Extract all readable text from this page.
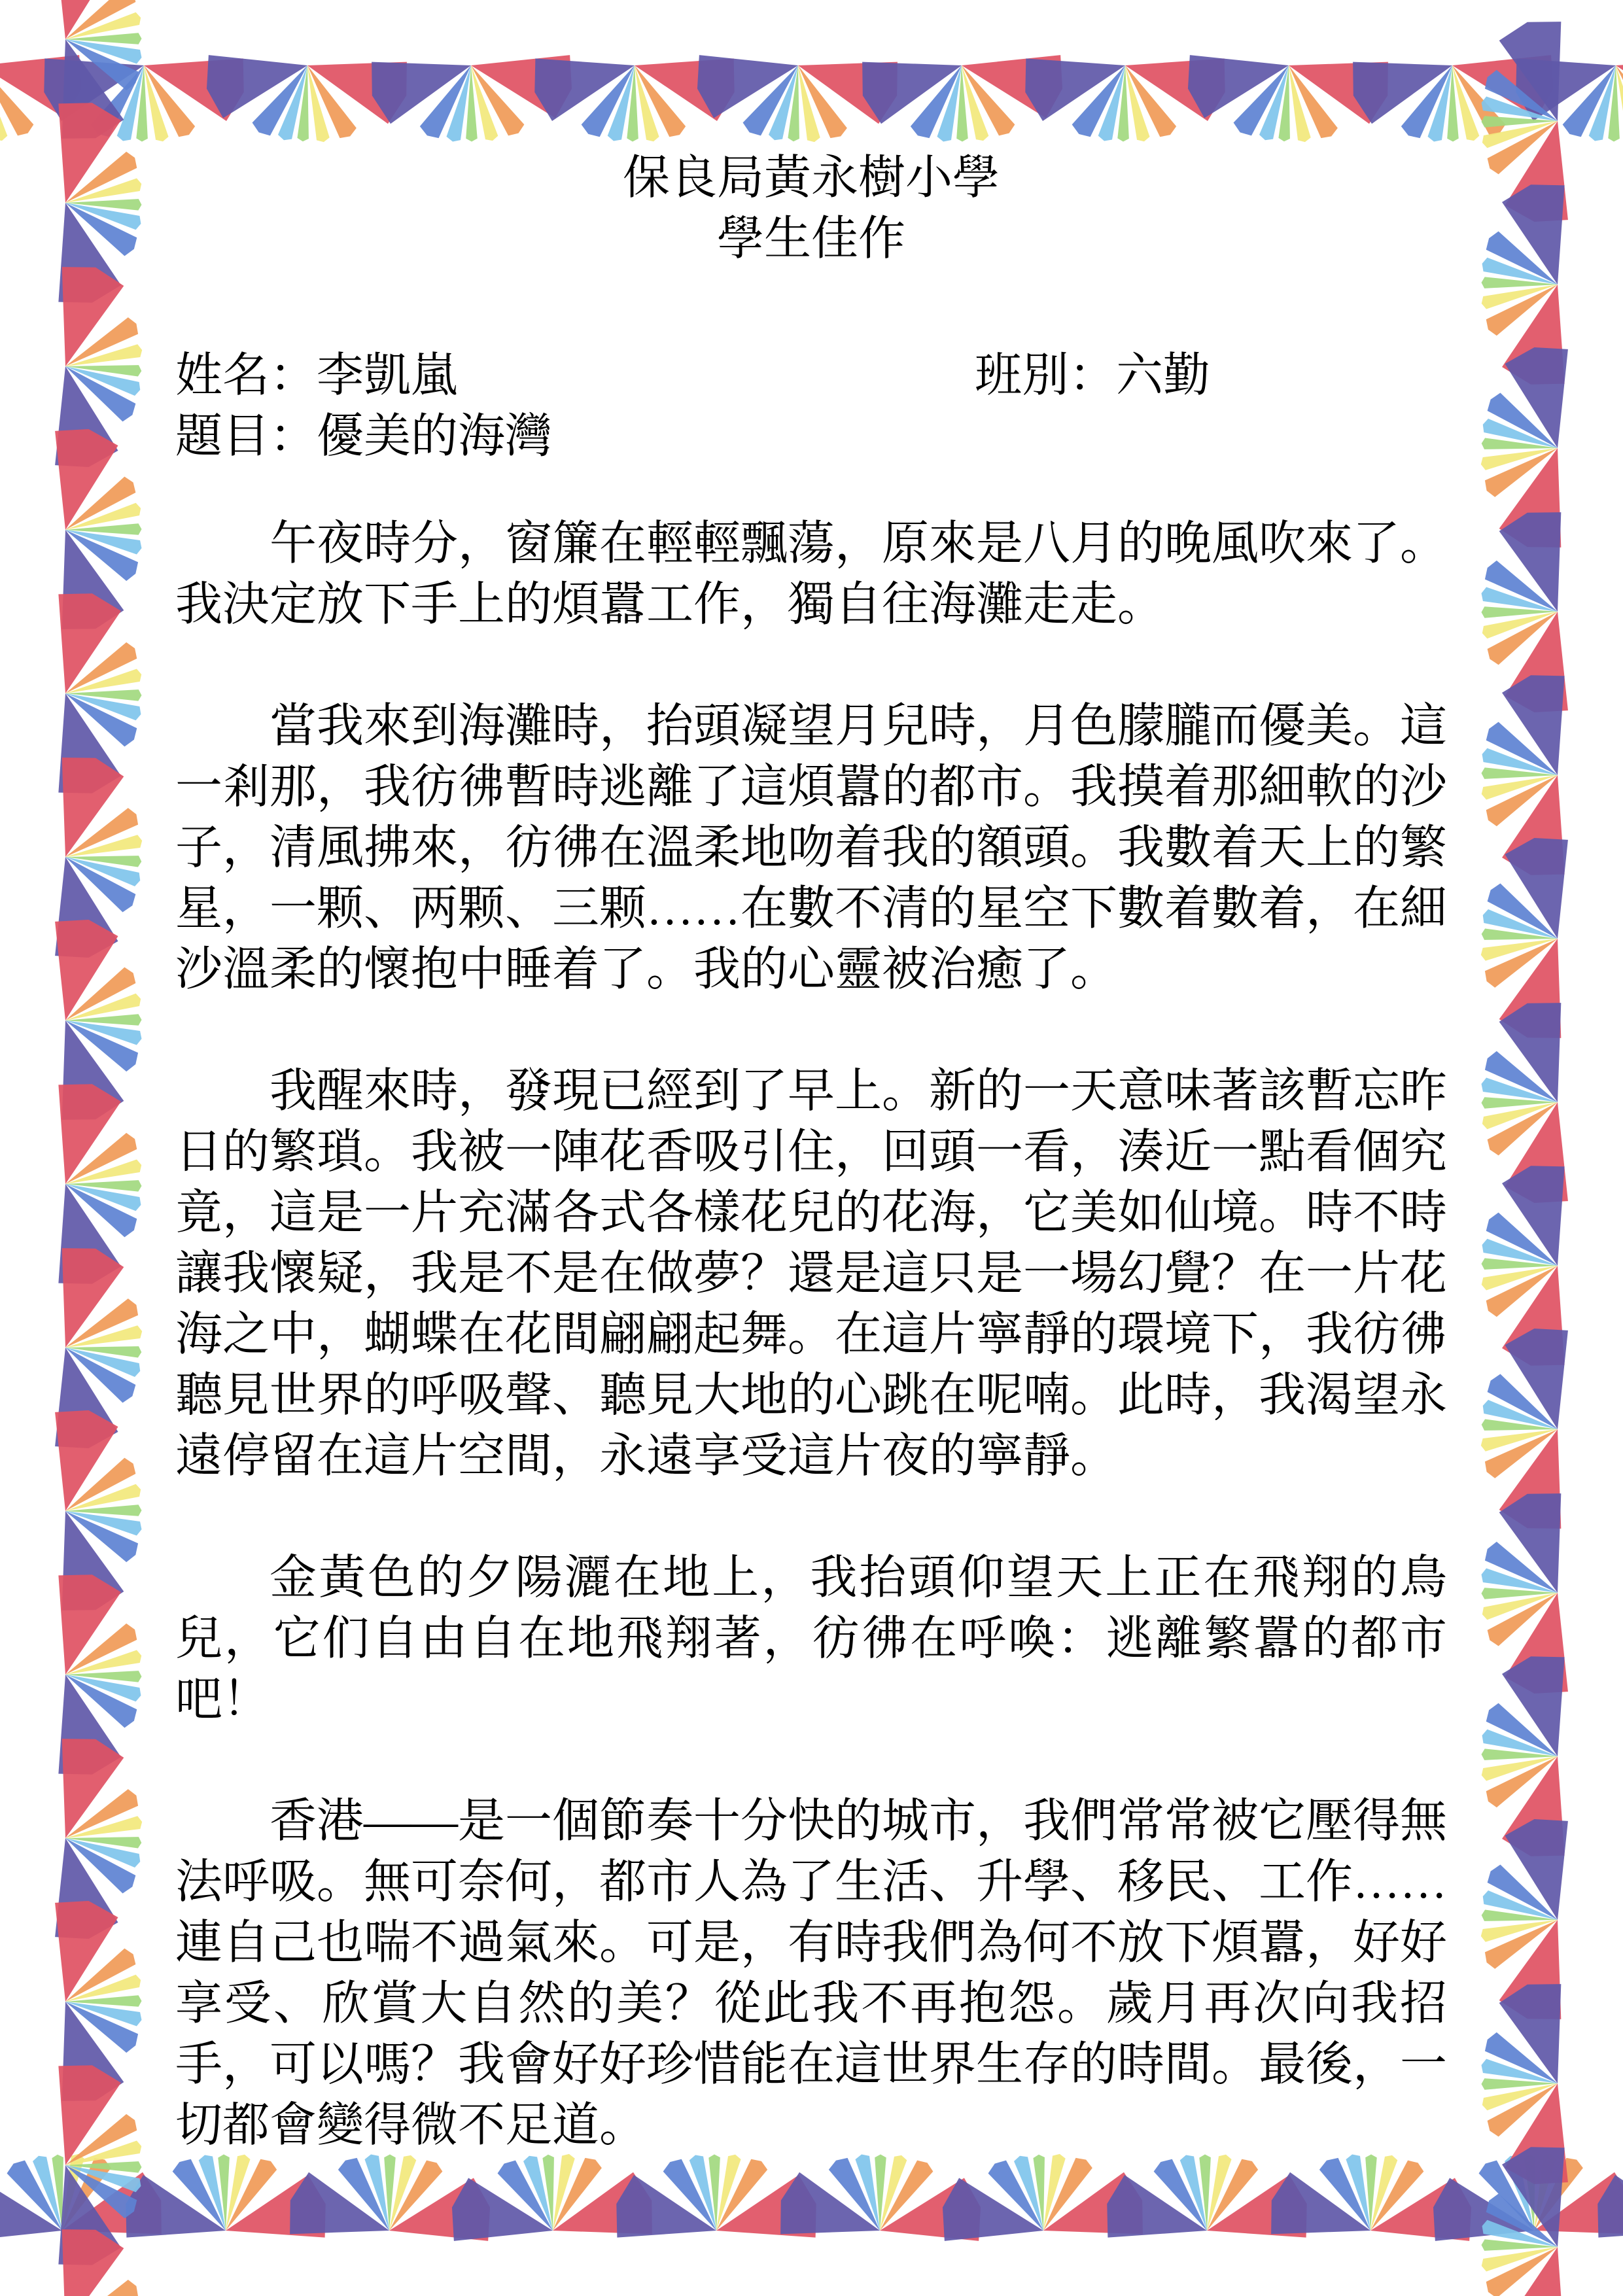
保良局黃永樹小學
學生佳作
姓名：李凱嵐	班別：六勤
題目：優美的海灣

午夜時分，窗簾在輕輕飄蕩，原來是八月的晚風吹來了。我決定放下手上的煩囂工作，獨自往海灘走走。

當我來到海灘時，抬頭凝望月兒時，月色朦朧而優美。這一剎那，我彷彿暫時逃離了這煩囂的都市。我摸着那細軟的沙子，清風拂來，彷彿在溫柔地吻着我的額頭。我數着天上的繁星，一颗、两颗、三颗……在數不清的星空下數着數着，在細沙溫柔的懷抱中睡着了。我的心靈被治癒了。

我醒來時，發現已經到了早上。新的一天意味著該暫忘昨日的繁瑣。我被一陣花香吸引住，回頭一看，湊近一點看個究竟，這是一片充滿各式各樣花兒的花海，它美如仙境。時不時讓我懷疑，我是不是在做夢？還是這只是一場幻覺？在一片花海之中，蝴蝶在花間翩翩起舞。在這片寧靜的環境下，我彷彿聽見世界的呼吸聲、聽見大地的心跳在呢喃。此時，我渴望永遠停留在這片空間，永遠享受這片夜的寧靜。

金黃色的夕陽灑在地上，我抬頭仰望天上正在飛翔的鳥兒，它们自由自在地飛翔著，彷彿在呼喚：逃離繁囂的都市吧！

香港——是一個節奏十分快的城市，我們常常被它壓得無法呼吸。無可奈何，都市人為了生活、升學、移民、工作……連自己也喘不過氣來。可是，有時我們為何不放下煩囂，好好享受、欣賞大自然的美？從此我不再抱怨。歲月再次向我招手，可以嗎？我會好好珍惜能在這世界生存的時間。最後，一切都會變得微不足道。
